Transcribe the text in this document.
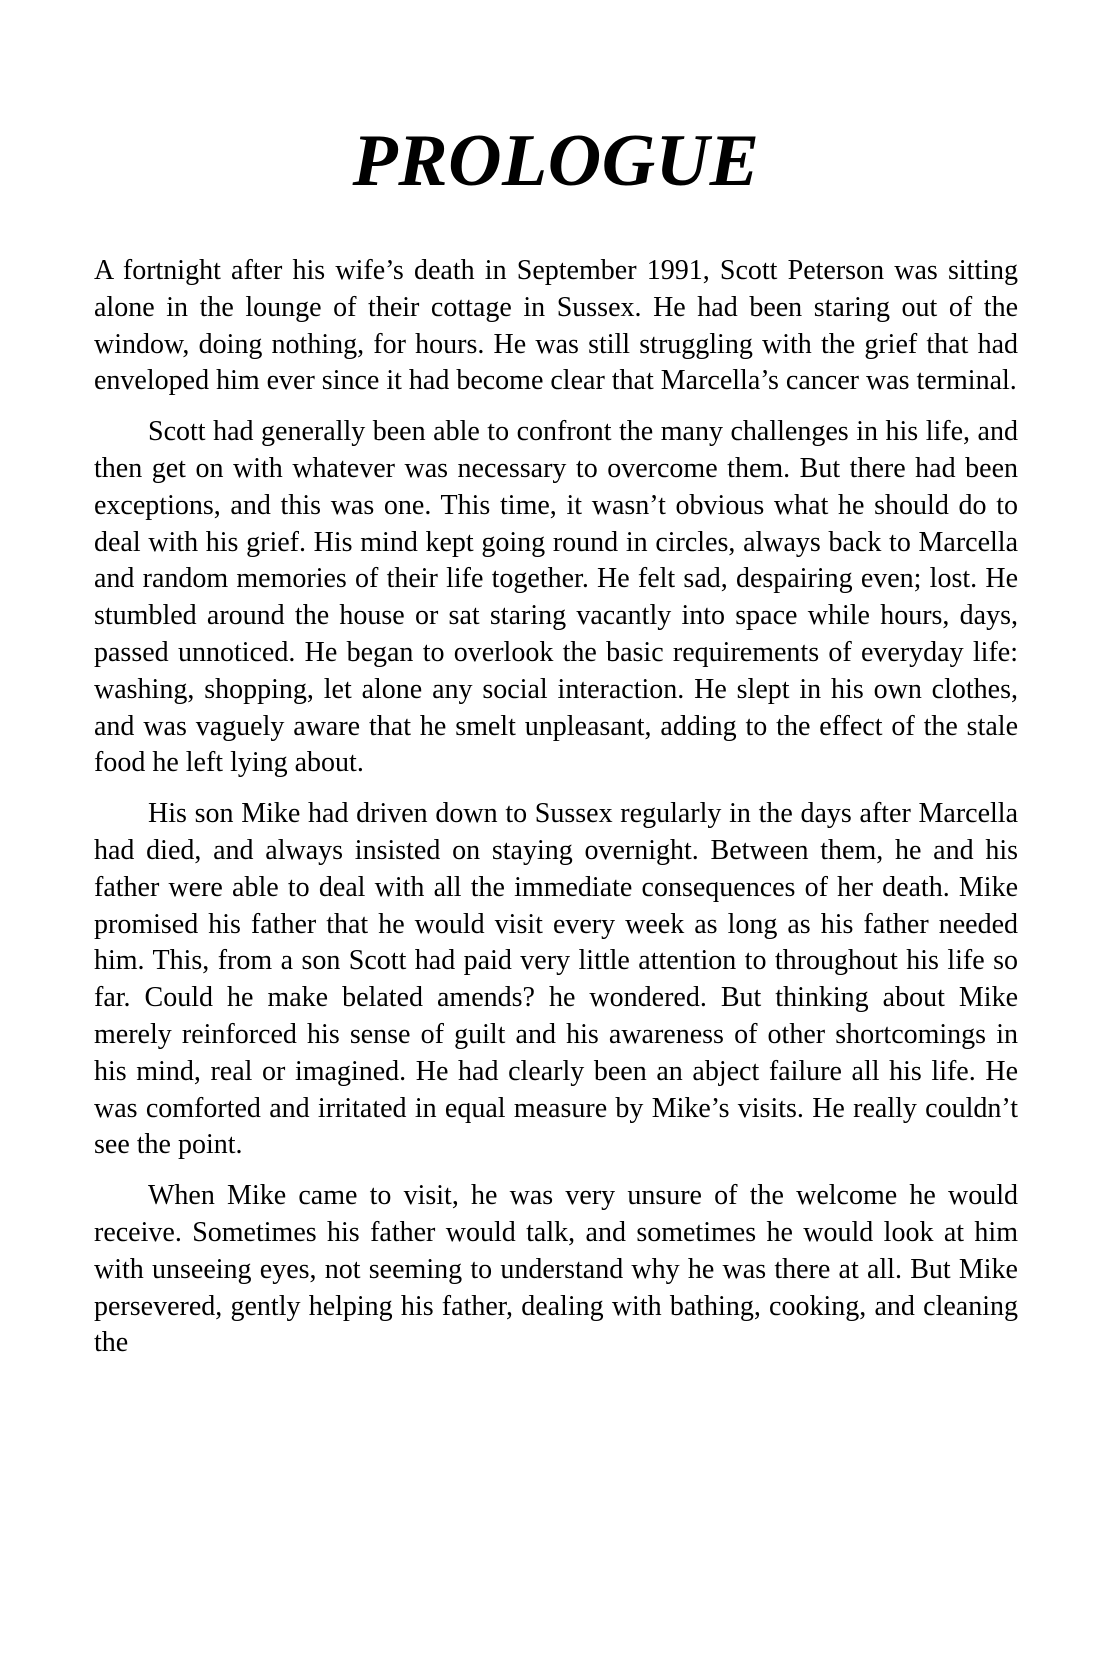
PROLOGUE

A fortnight after his wife’s death in September 1991, Scott Peterson was sitting alone in the lounge of their cottage in Sussex. He had been staring out of the window, doing nothing, for hours. He was still struggling with the grief that had enveloped him ever since it had become clear that Marcella’s cancer was terminal.

Scott had generally been able to confront the many challenges in his life, and then get on with whatever was necessary to overcome them. But there had been exceptions, and this was one. This time, it wasn’t obvious what he should do to deal with his grief. His mind kept going round in circles, always back to Marcella and random memories of their life together. He felt sad, despairing even; lost. He stumbled around the house or sat staring vacantly into space while hours, days, passed unnoticed. He began to overlook the basic requirements of everyday life: washing, shopping, let alone any social interaction. He slept in his own clothes, and was vaguely aware that he smelt unpleasant, adding to the effect of the stale food he left lying about.

His son Mike had driven down to Sussex regularly in the days after Marcella had died, and always insisted on staying overnight. Between them, he and his father were able to deal with all the immediate consequences of her death. Mike promised his father that he would visit every week as long as his father needed him. This, from a son Scott had paid very little attention to throughout his life so far. Could he make belated amends? he wondered. But thinking about Mike merely reinforced his sense of guilt and his awareness of other shortcomings in his mind, real or imagined. He had clearly been an abject failure all his life. He was comforted and irritated in equal measure by Mike’s visits. He really couldn’t see the point.

When Mike came to visit, he was very unsure of the welcome he would receive. Sometimes his father would talk, and sometimes he would look at him with unseeing eyes, not seeming to understand why he was there at all. But Mike persevered, gently helping his father, dealing with bathing, cooking, and cleaning the
